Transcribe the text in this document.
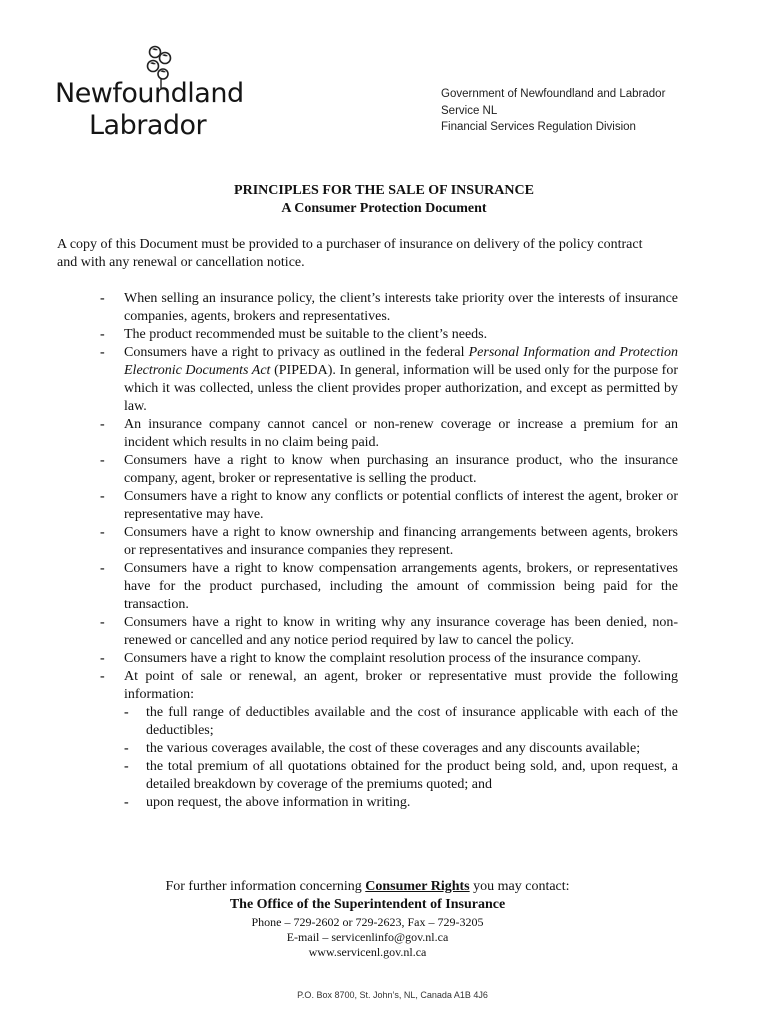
Newfoundland
Labrador
Government of Newfoundland and Labrador
Service NL
Financial Services Regulation Division
PRINCIPLES FOR THE SALE OF INSURANCE
A Consumer Protection Document
A copy of this Document must be provided to a purchaser of insurance on delivery of the policy contract and with any renewal or cancellation notice.
- When selling an insurance policy, the client’s interests take priority over the interests of insurance companies, agents, brokers and representatives.
- The product recommended must be suitable to the client’s needs.
- Consumers have a right to privacy as outlined in the federal Personal Information and Protection Electronic Documents Act (PIPEDA). In general, information will be used only for the purpose for which it was collected, unless the client provides proper authorization, and except as permitted by law.
- An insurance company cannot cancel or non-renew coverage or increase a premium for an incident which results in no claim being paid.
- Consumers have a right to know when purchasing an insurance product, who the insurance company, agent, broker or representative is selling the product.
- Consumers have a right to know any conflicts or potential conflicts of interest the agent, broker or representative may have.
- Consumers have a right to know ownership and financing arrangements between agents, brokers or representatives and insurance companies they represent.
- Consumers have a right to know compensation arrangements agents, brokers, or representatives have for the product purchased, including the amount of commission being paid for the transaction.
- Consumers have a right to know in writing why any insurance coverage has been denied, non-renewed or cancelled and any notice period required by law to cancel the policy.
- Consumers have a right to know the complaint resolution process of the insurance company.
- At point of sale or renewal, an agent, broker or representative must provide the following information:
- the full range of deductibles available and the cost of insurance applicable with each of the deductibles;
- the various coverages available, the cost of these coverages and any discounts available;
- the total premium of all quotations obtained for the product being sold, and, upon request, a detailed breakdown by coverage of the premiums quoted; and
- upon request, the above information in writing.
For further information concerning Consumer Rights you may contact:
The Office of the Superintendent of Insurance
Phone – 729-2602 or 729-2623, Fax – 729-3205
E-mail – servicenlinfo@gov.nl.ca
www.servicenl.gov.nl.ca
P.O. Box 8700, St. John’s, NL, Canada A1B 4J6
